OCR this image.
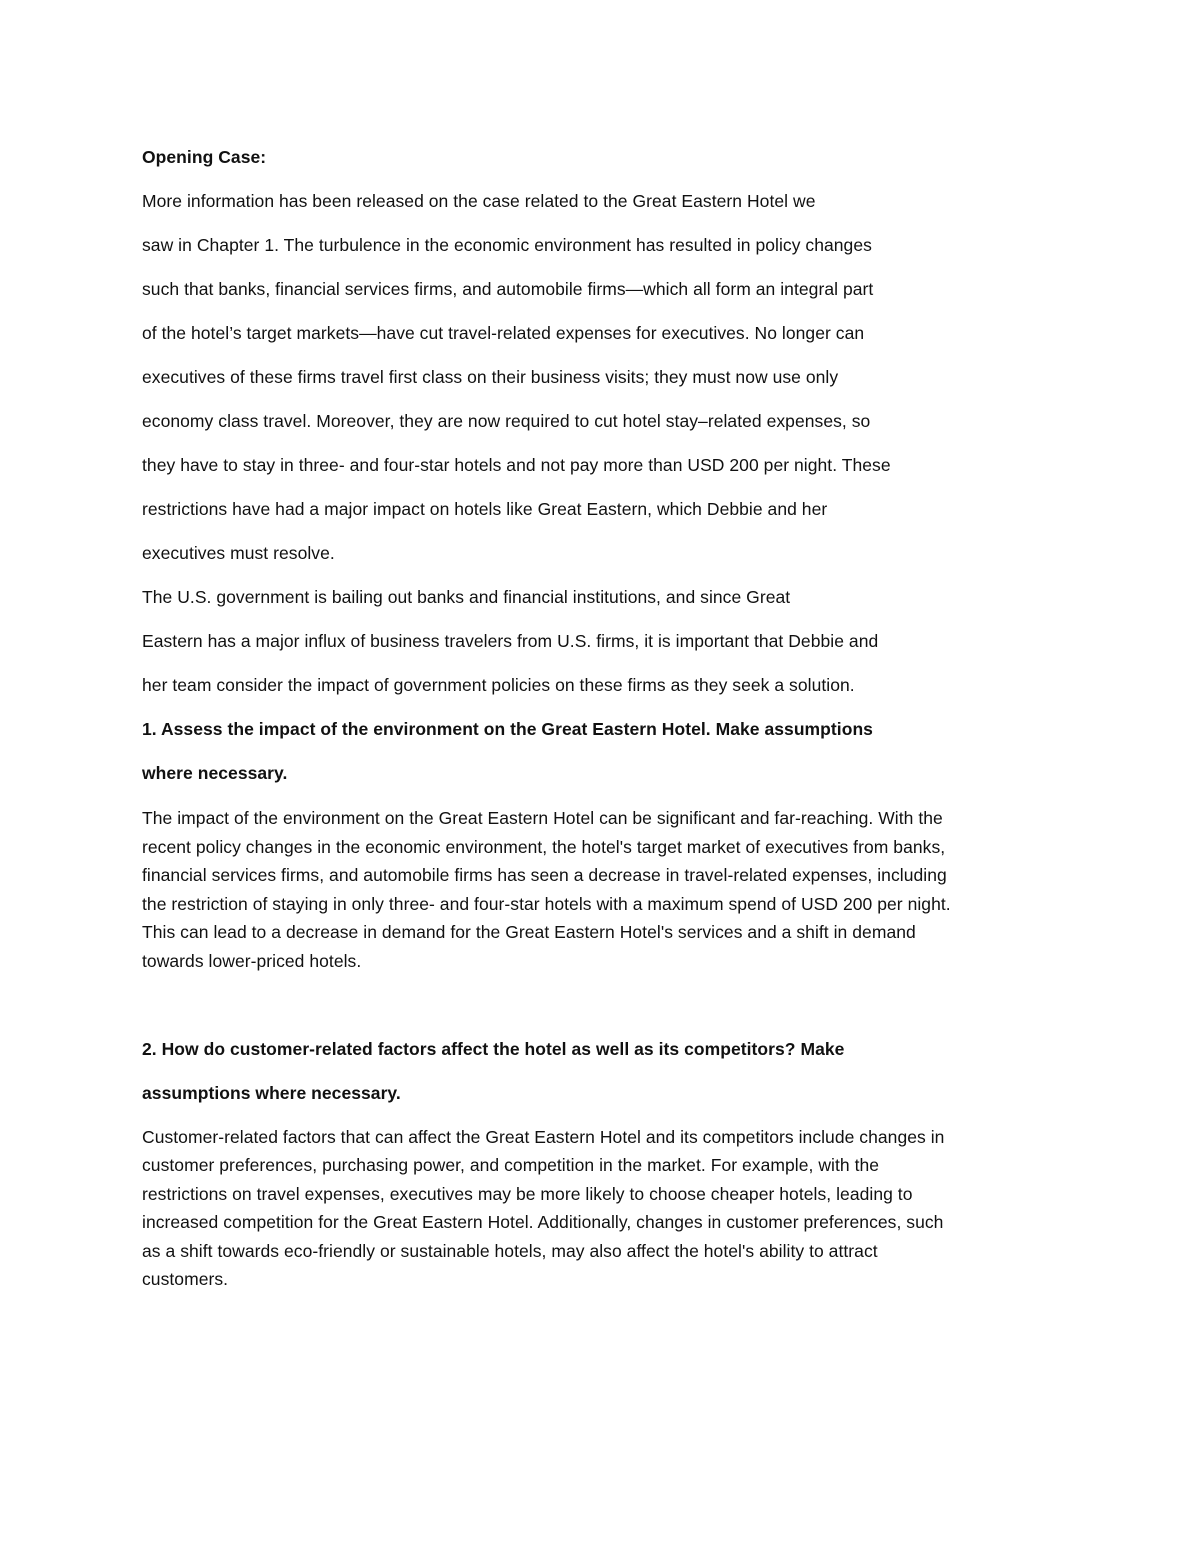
Opening Case:

More information has been released on the case related to the Great Eastern Hotel we

saw in Chapter 1. The turbulence in the economic environment has resulted in policy changes

such that banks, financial services firms, and automobile firms—which all form an integral part

of the hotel’s target markets—have cut travel-related expenses for executives. No longer can

executives of these firms travel first class on their business visits; they must now use only

economy class travel. Moreover, they are now required to cut hotel stay–related expenses, so

they have to stay in three- and four-star hotels and not pay more than USD 200 per night. These

restrictions have had a major impact on hotels like Great Eastern, which Debbie and her

executives must resolve.

The U.S. government is bailing out banks and financial institutions, and since Great

Eastern has a major influx of business travelers from U.S. firms, it is important that Debbie and

her team consider the impact of government policies on these firms as they seek a solution.

1. Assess the impact of the environment on the Great Eastern Hotel. Make assumptions

where necessary.

The impact of the environment on the Great Eastern Hotel can be significant and far-reaching. With the

recent policy changes in the economic environment, the hotel's target market of executives from banks,

financial services firms, and automobile firms has seen a decrease in travel-related expenses, including

the restriction of staying in only three- and four-star hotels with a maximum spend of USD 200 per night.

This can lead to a decrease in demand for the Great Eastern Hotel's services and a shift in demand

towards lower-priced hotels.

2. How do customer-related factors affect the hotel as well as its competitors? Make

assumptions where necessary.

Customer-related factors that can affect the Great Eastern Hotel and its competitors include changes in

customer preferences, purchasing power, and competition in the market. For example, with the

restrictions on travel expenses, executives may be more likely to choose cheaper hotels, leading to

increased competition for the Great Eastern Hotel. Additionally, changes in customer preferences, such

as a shift towards eco-friendly or sustainable hotels, may also affect the hotel's ability to attract

customers.
